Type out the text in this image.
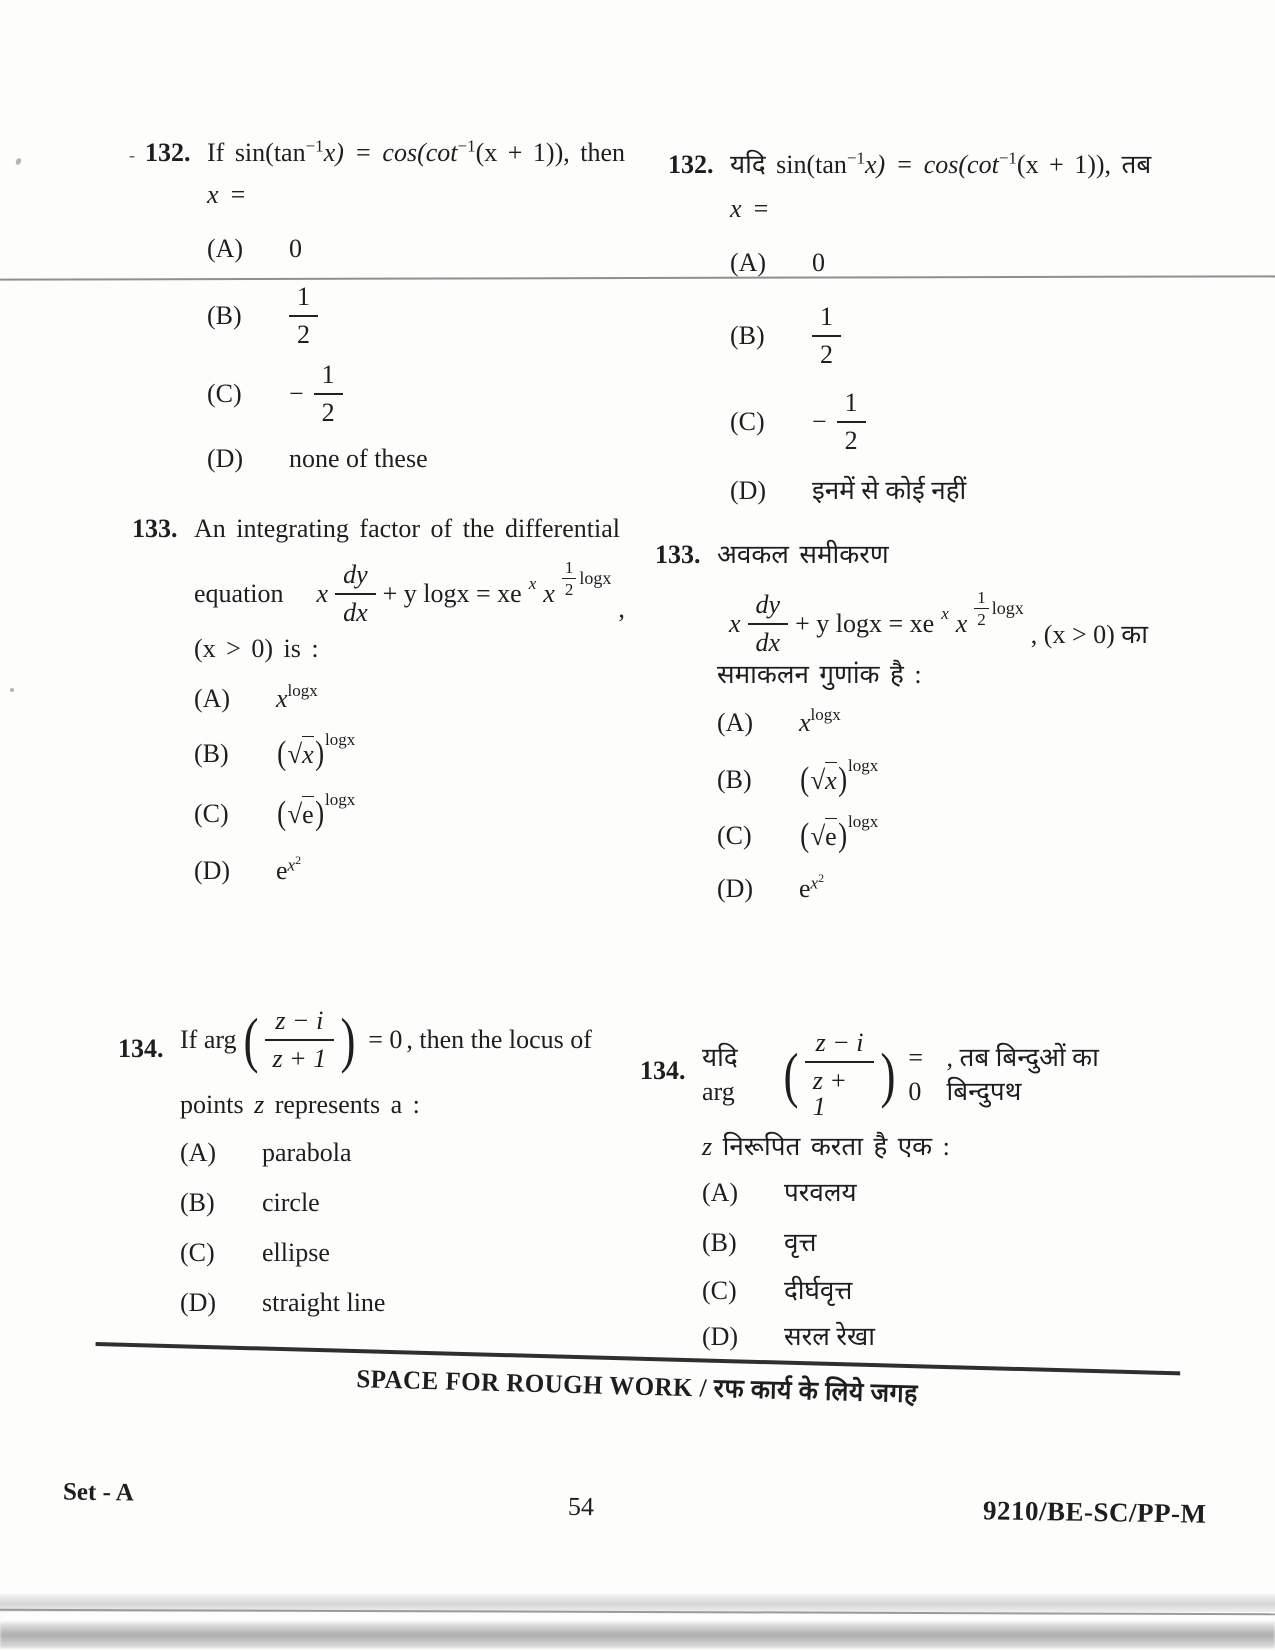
- 132. If $\sin(\tan^{-1}x) = \cos(\cot^{-1}(x + 1))$, then
x =
(A)	0
(B)	$\frac{1}{2}$
(C)	− $\frac{1}{2}$
(D)	none of these
132. यदि $\sin(\tan^{-1}x) = \cos(\cot^{-1}(x + 1))$, तब
x =
(A)	0
(B)	$\frac{1}{2}$
(C)	− $\frac{1}{2}$
(D)	इनमें से कोई नहीं
133. An integrating factor of the differential
equation x $\frac{dy}{dx} + y$ logx = xe $^x$ x $\frac{1}{2}$ logx
,
(x > 0) is :
(A)	$x^{logx}$
(B)	( √ x )$^{logx}$
(C)	( √ e )$^{logx}$
(D)	e $^{x^2}$
133. अवकल समीकरण
x $\frac{dy}{dx} + y$ logx = xe $^x$ x $\frac{1}{2}$ logx
, (x > 0) का
समाकलन गुणांक है :
(A)	$x^{logx}$
(B)	( √ x )$^{logx}$
(C)	( √ e )$^{logx}$
(D)	e $^{x^2}$
134. If arg ( $\frac{z - i}{z + 1}$ ) = 0 , then the locus of
points z represents a :
(A)	parabola
(B)	circle
(C)	ellipse
(D)	straight line
134. यदि arg ( $\frac{z - i}{z + 1}$ ) = 0
, तब बिन्दुओं का बिन्दुपथ
z निरूपित करता है एक :
(A)	परवलय
(B)	वृत्त
(C)	दीर्घवृत्त
(D)	सरल रेखा
SPACE FOR ROUGH WORK / रफ कार्य के लिये जगह
Set - A	54	9210/BE-SC/PP-M
